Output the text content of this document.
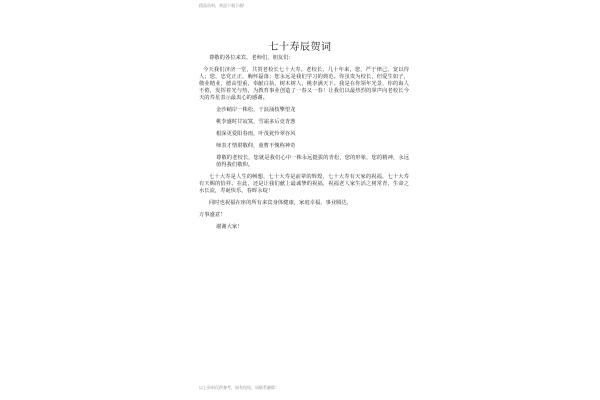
精品资料，欢迎下载下载!
七十寿辰贺词

尊敬的各位来宾，老师们，朋友们：

今天我们济济一堂，共贺老校长七十大寿。老校长，几十年来，您，严于律己，宽以待人；您，忠党正正，胸怀磊落；您永远是我们学习的典范。你虽贵为校长，但爱生如子，敬业精业，德高望重，奉献白执，树木树人，桃李满天下。我是在你领年光景，你的诲人不倦，发挥着光与热，为教育事业创造了一春又一春！让我们以最热烈的掌声向老校长今天的寿星表示最衷心的感谢。

金沙峭岸一株松，千浪涌枝擎望龙

桃李盛时甘寂寞，雪霜多后竟青葱

根深更爱阳春雨，叶茂犹怜翠谷风

师表才情堪敬仰，童曹不愧称神奇

尊敬的老校长，您就是我们心中一株永远挺拔的青松，您的形象，您的精神，永远值得我们敬仰。

七十大寿是人生的畅想，七十大寿是前辈的辉煌，七十大寿有天家的祝福，七十大寿有天赐的恰祥。在此，还是让我们献上最诚挚的祝福，祝福老人家生活之树常青，生命之水长流，寿诞快乐，春晖永绽！

同时也祝福在座的所有来宾身体健康，家庭幸福，事业腾达，

万事盛意！

谢谢大家！

以上资料仅供参考，如有侵权，请联系删除！
